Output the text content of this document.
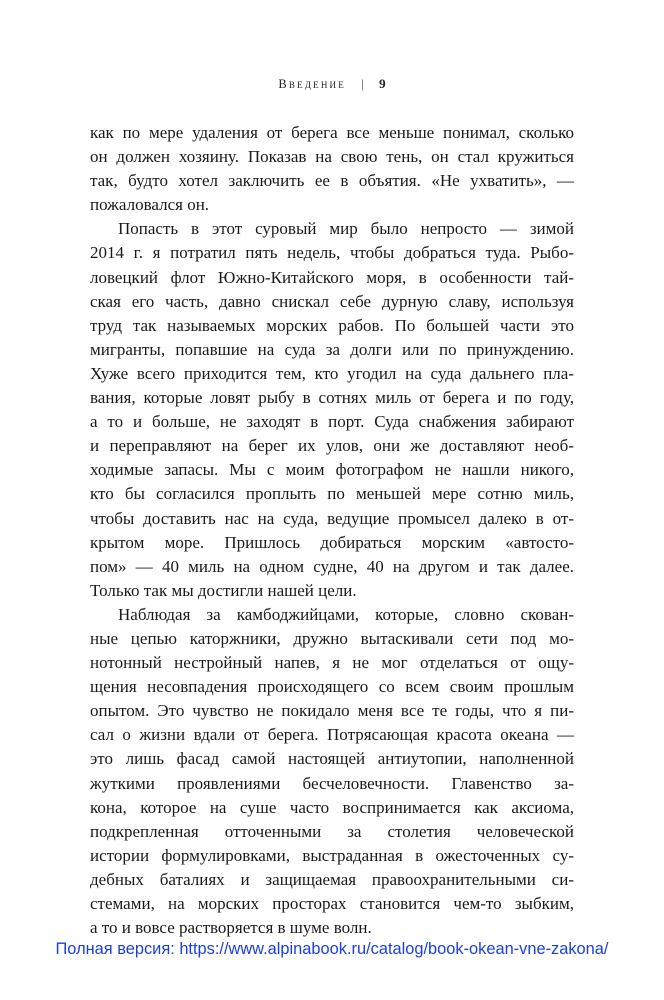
Введение | 9
как по мере удаления от берега все меньше понимал, сколько
он должен хозяину. Показав на свою тень, он стал кружиться
так, будто хотел заключить ее в объятия. «Не ухватить», —
пожаловался он.
Попасть в этот суровый мир было непросто — зимой
2014 г. я потратил пять недель, чтобы добраться туда. Рыбо-
ловецкий флот Южно-Китайского моря, в особенности тай-
ская его часть, давно снискал себе дурную славу, используя
труд так называемых морских рабов. По большей части это
мигранты, попавшие на суда за долги или по принуждению.
Хуже всего приходится тем, кто угодил на суда дальнего пла-
вания, которые ловят рыбу в сотнях миль от берега и по году,
а то и больше, не заходят в порт. Суда снабжения забирают
и переправляют на берег их улов, они же доставляют необ-
ходимые запасы. Мы с моим фотографом не нашли никого,
кто бы согласился проплыть по меньшей мере сотню миль,
чтобы доставить нас на суда, ведущие промысел далеко в от-
крытом море. Пришлось добираться морским «автосто-
пом» — 40 миль на одном судне, 40 на другом и так далее.
Только так мы достигли нашей цели.
Наблюдая за камбоджийцами, которые, словно скован-
ные цепью каторжники, дружно вытаскивали сети под мо-
нотонный нестройный напев, я не мог отделаться от ощу-
щения несовпадения происходящего со всем своим прошлым
опытом. Это чувство не покидало меня все те годы, что я пи-
сал о жизни вдали от берега. Потрясающая красота океана —
это лишь фасад самой настоящей антиутопии, наполненной
жуткими проявлениями бесчеловечности. Главенство за-
кона, которое на суше часто воспринимается как аксиома,
подкрепленная отточенными за столетия человеческой
истории формулировками, выстраданная в ожесточенных су-
дебных баталиях и защищаемая правоохранительными си-
стемами, на морских просторах становится чем-то зыбким,
а то и вовсе растворяется в шуме волн.
Полная версия: https://www.alpinabook.ru/catalog/book-okean-vne-zakona/
